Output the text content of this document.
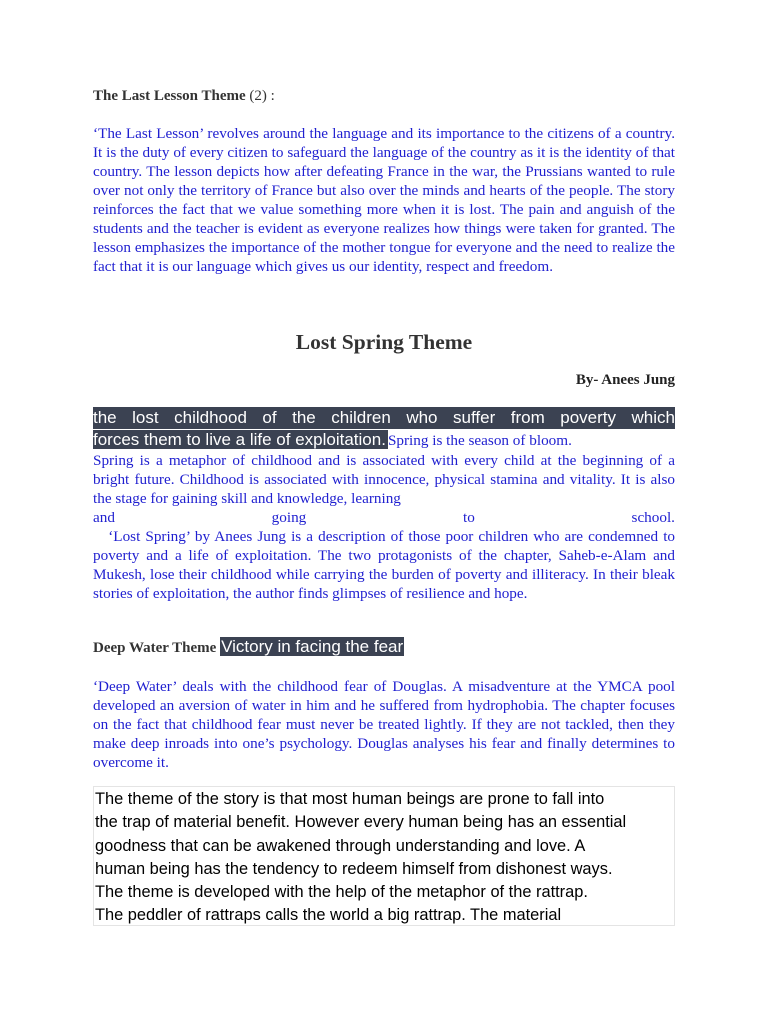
The Last Lesson Theme (2) :
‘The Last Lesson’ revolves around the language and its importance to the citizens of a country. It is the duty of every citizen to safeguard the language of the country as it is the identity of that country. The lesson depicts how after defeating France in the war, the Prussians wanted to rule over not only the territory of France but also over the minds and hearts of the people. The story reinforces the fact that we value something more when it is lost. The pain and anguish of the students and the teacher is evident as everyone realizes how things were taken for granted. The lesson emphasizes the importance of the mother tongue for everyone and the need to realize the fact that it is our language which gives us our identity, respect and freedom.
Lost Spring Theme
By- Anees Jung
the lost childhood of the children who suffer from poverty which
forces them to live a life of exploitation. Spring is the season of bloom.
Spring is a metaphor of childhood and is associated with every child at the beginning of a bright future. Childhood is associated with innocence, physical stamina and vitality. It is also the stage for gaining skill and knowledge, learning
and	going	to	school.
‘Lost Spring’ by Anees Jung is a description of those poor children who are condemned to poverty and a life of exploitation. The two protagonists of the chapter, Saheb-e-Alam and Mukesh, lose their childhood while carrying the burden of poverty and illiteracy. In their bleak stories of exploitation, the author finds glimpses of resilience and hope.
Deep Water Theme Victory in facing the fear
‘Deep Water’ deals with the childhood fear of Douglas. A misadventure at the YMCA pool developed an aversion of water in him and he suffered from hydrophobia. The chapter focuses on the fact that childhood fear must never be treated lightly. If they are not tackled, then they make deep inroads into one’s psychology. Douglas analyses his fear and finally determines to overcome it.
The theme of the story is that most human beings are prone to fall into
the trap of material benefit. However every human being has an essential
goodness that can be awakened through understanding and love. A
human being has the tendency to redeem himself from dishonest ways.
The theme is developed with the help of the metaphor of the rattrap.
The peddler of rattraps calls the world a big rattrap. The material
